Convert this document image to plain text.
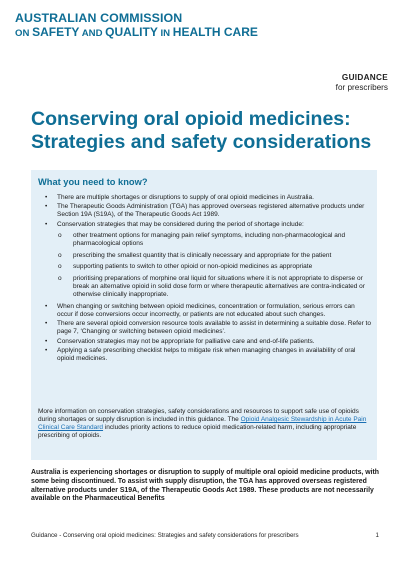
AUSTRALIAN COMMISSION
ON SAFETY AND QUALITY IN HEALTH CARE
GUIDANCE
for prescribers
Conserving oral opioid medicines: Strategies and safety considerations
What you need to know?
• There are multiple shortages or disruptions to supply of oral opioid medicines in Australia.
• The Therapeutic Goods Administration (TGA) has approved overseas registered alternative products under Section 19A (S19A), of the Therapeutic Goods Act 1989.
• Conservation strategies that may be considered during the period of shortage include:
o other treatment options for managing pain relief symptoms, including non-pharmacological and pharmacological options
o prescribing the smallest quantity that is clinically necessary and appropriate for the patient
o supporting patients to switch to other opioid or non-opioid medicines as appropriate
o prioritising preparations of morphine oral liquid for situations where it is not appropriate to disperse or break an alternative opioid in solid dose form or where therapeutic alternatives are contra-indicated or otherwise clinically inappropriate.
• When changing or switching between opioid medicines, concentration or formulation, serious errors can occur if dose conversions occur incorrectly, or patients are not educated about such changes.
• There are several opioid conversion resource tools available to assist in determining a suitable dose. Refer to page 7, ‘Changing or switching between opioid medicines’.
• Conservation strategies may not be appropriate for palliative care and end-of-life patients.
• Applying a safe prescribing checklist helps to mitigate risk when managing changes in availability of oral opioid medicines.

More information on conservation strategies, safety considerations and resources to support safe use of opioids during shortages or supply disruption is included in this guidance. The Opioid Analgesic Stewardship in Acute Pain Clinical Care Standard includes priority actions to reduce opioid medication-related harm, including appropriate prescribing of opioids.

Australia is experiencing shortages or disruption to supply of multiple oral opioid medicine products, with some being discontinued. To assist with supply disruption, the TGA has approved overseas registered alternative products under S19A, of the Therapeutic Goods Act 1989. These products are not necessarily available on the Pharmaceutical Benefits

Guidance - Conserving oral opioid medicines: Strategies and safety considerations for prescribers	1
